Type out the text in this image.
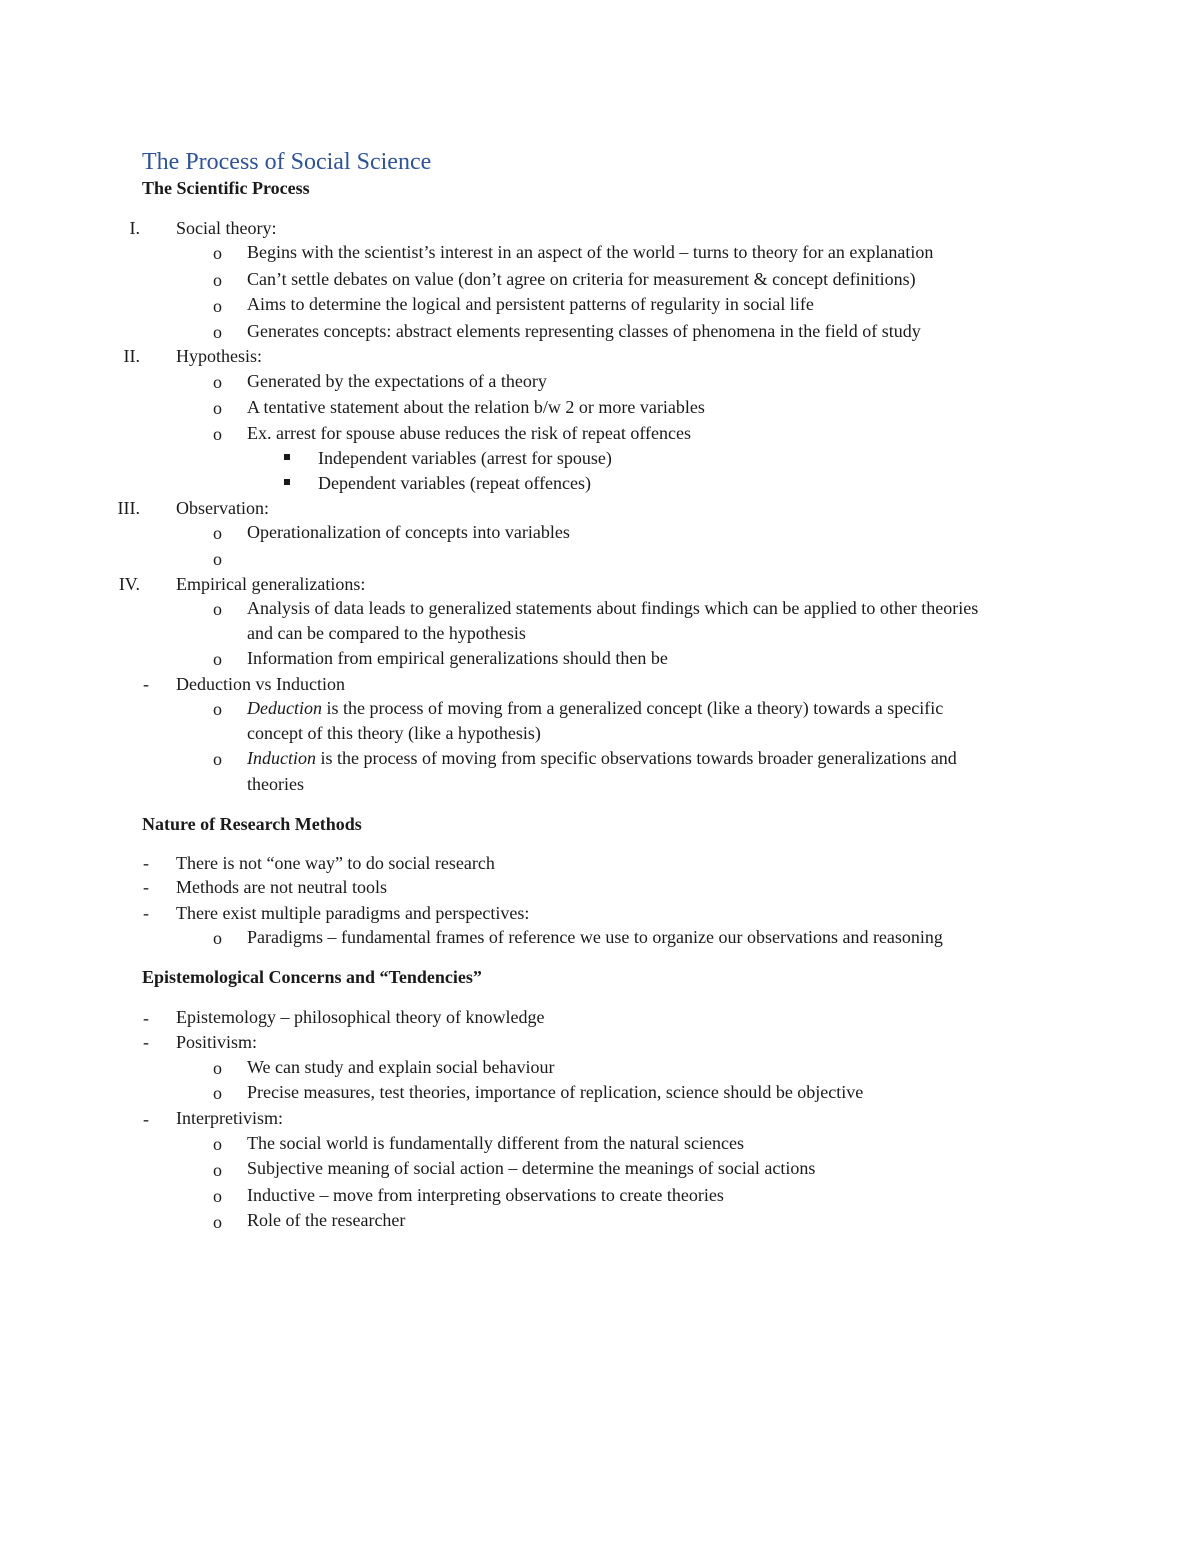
The Process of Social Science
The Scientific Process
I. Social theory:
o Begins with the scientist’s interest in an aspect of the world – turns to theory for an explanation
o Can’t settle debates on value (don’t agree on criteria for measurement & concept definitions)
o Aims to determine the logical and persistent patterns of regularity in social life
o Generates concepts: abstract elements representing classes of phenomena in the field of study
II. Hypothesis:
o Generated by the expectations of a theory
o A tentative statement about the relation b/w 2 or more variables
o Ex. arrest for spouse abuse reduces the risk of repeat offences
Independent variables (arrest for spouse)
Dependent variables (repeat offences)
III. Observation:
o Operationalization of concepts into variables
o
IV. Empirical generalizations:
o Analysis of data leads to generalized statements about findings which can be applied to other theories
and can be compared to the hypothesis
o Information from empirical generalizations should then be
- Deduction vs Induction
o Deduction is the process of moving from a generalized concept (like a theory) towards a specific
concept of this theory (like a hypothesis)
o Induction is the process of moving from specific observations towards broader generalizations and
theories
Nature of Research Methods
- There is not “one way” to do social research
- Methods are not neutral tools
- There exist multiple paradigms and perspectives:
o Paradigms – fundamental frames of reference we use to organize our observations and reasoning
Epistemological Concerns and “Tendencies”
- Epistemology – philosophical theory of knowledge
- Positivism:
o We can study and explain social behaviour
o Precise measures, test theories, importance of replication, science should be objective
- Interpretivism:
o The social world is fundamentally different from the natural sciences
o Subjective meaning of social action – determine the meanings of social actions
o Inductive – move from interpreting observations to create theories
o Role of the researcher
